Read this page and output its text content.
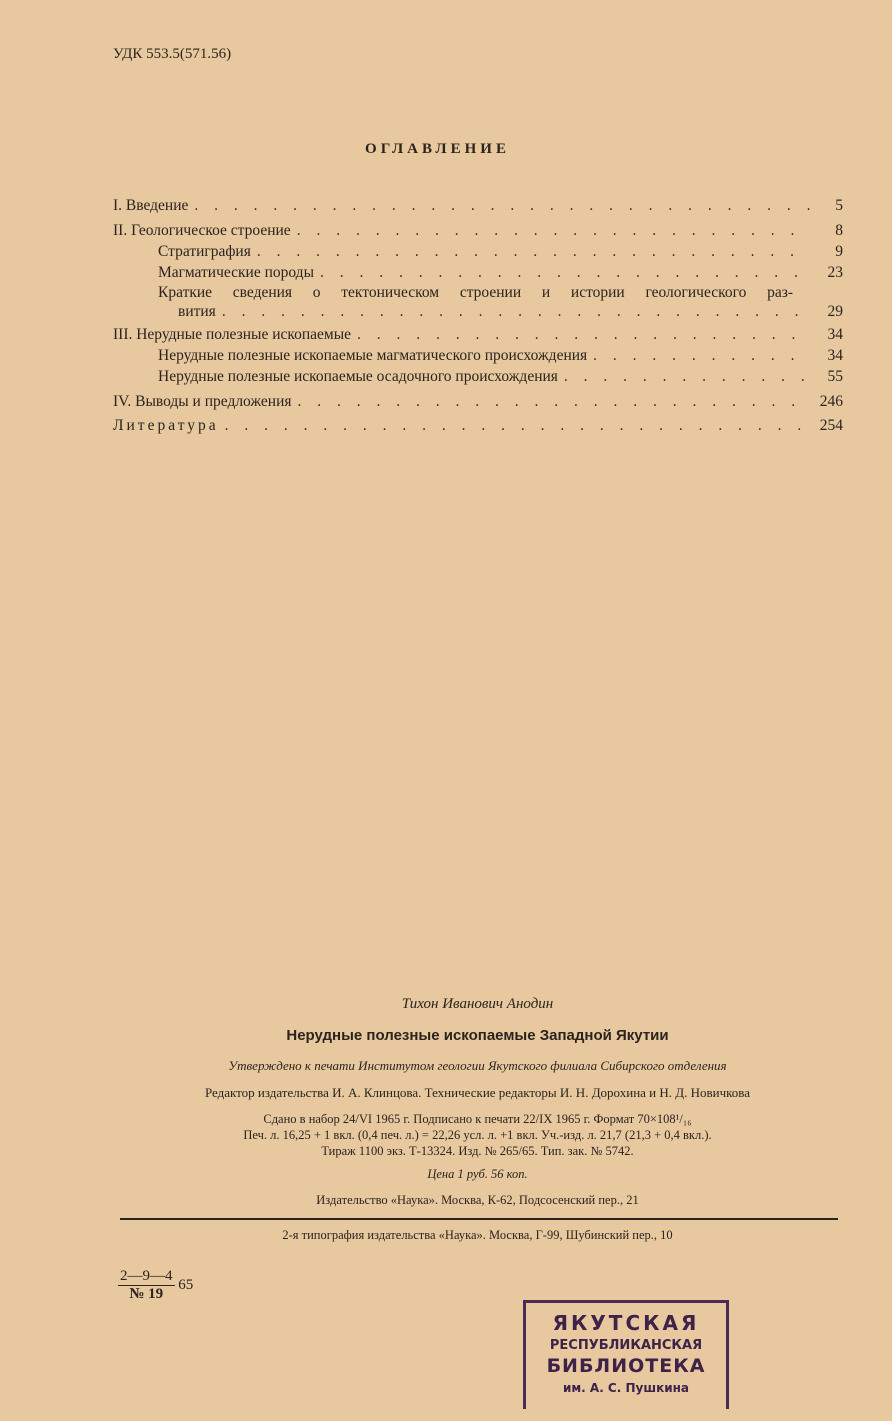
УДК 553.5(571.56)
ОГЛАВЛЕНИЕ
I. Введение . . .	5
II. Геологическое строение . . .	8
Стратиграфия . . .	9
Магматические породы . . .	23
Краткие сведения о тектоническом строении и истории геологического раз-
вития . . .	29
III. Нерудные полезные ископаемые . . .	34
Нерудные полезные ископаемые магматического происхождения . . .	34
Нерудные полезные ископаемые осадочного происхождения . . .	55
IV. Выводы и предложения . . .	246
Литература . . .	254
Тихон Иванович Анодин
Нерудные полезные ископаемые Западной Якутии
Утверждено к печати Институтом геологии Якутского филиала Сибирского отделения
Редактор издательства И. А. Клинцова. Технические редакторы И. Н. Дорохина и Н. Д. Новичкова
Сдано в набор 24/VI 1965 г. Подписано к печати 22/IX 1965 г. Формат 70×108¹/₁₆
Печ. л. 16,25 + 1 вкл. (0,4 печ. л.) = 22,26 усл. л. +1 вкл. Уч.-изд. л. 21,7 (21,3 + 0,4 вкл.).
Тираж 1100 экз. Т-13324. Изд. № 265/65. Тип. зак. № 5742.
Цена 1 руб. 56 коп.
Издательство «Наука». Москва, К-62, Подсосенский пер., 21
2-я типография издательства «Наука». Москва, Г-99, Шубинский пер., 10
$\frac{2—9—4}{№ 19} 65$
ЯКУТСКАЯ
РЕСПУБЛИКАНСКАЯ
БИБЛИОТЕКА
им. А. С. Пушкина
